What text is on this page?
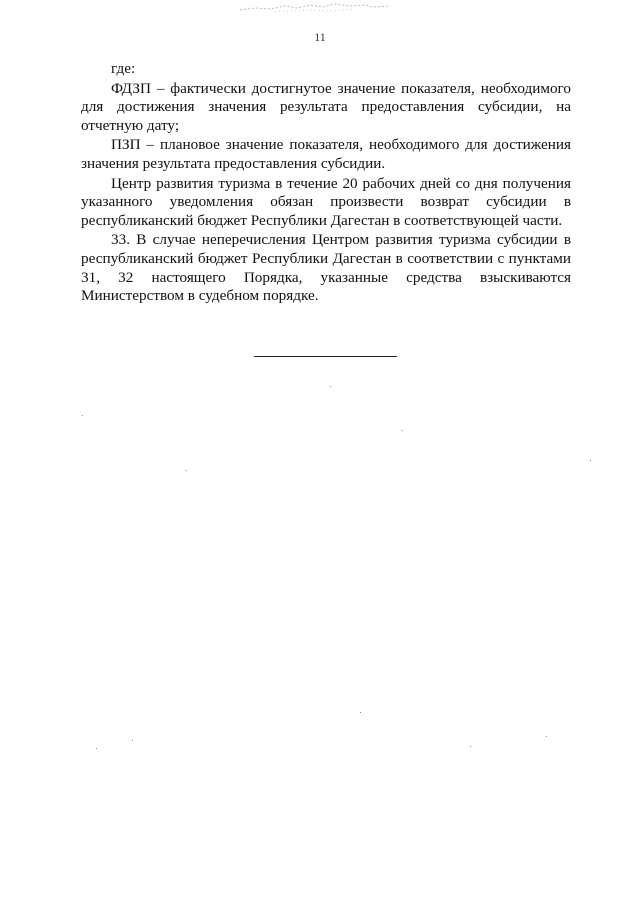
11

где:

ФДЗП – фактически достигнутое значение показателя, необходимого для достижения значения результата предоставления субсидии, на отчетную дату;

ПЗП – плановое значение показателя, необходимого для достижения значения результата предоставления субсидии.

Центр развития туризма в течение 20 рабочих дней со дня получения указанного уведомления обязан произвести возврат субсидии в республиканский бюджет Республики Дагестан в соответствующей части.

33. В случае неперечисления Центром развития туризма субсидии в республиканский бюджет Республики Дагестан в соответствии с пунктами 31, 32 настоящего Порядка, указанные средства взыскиваются Министерством в судебном порядке.
